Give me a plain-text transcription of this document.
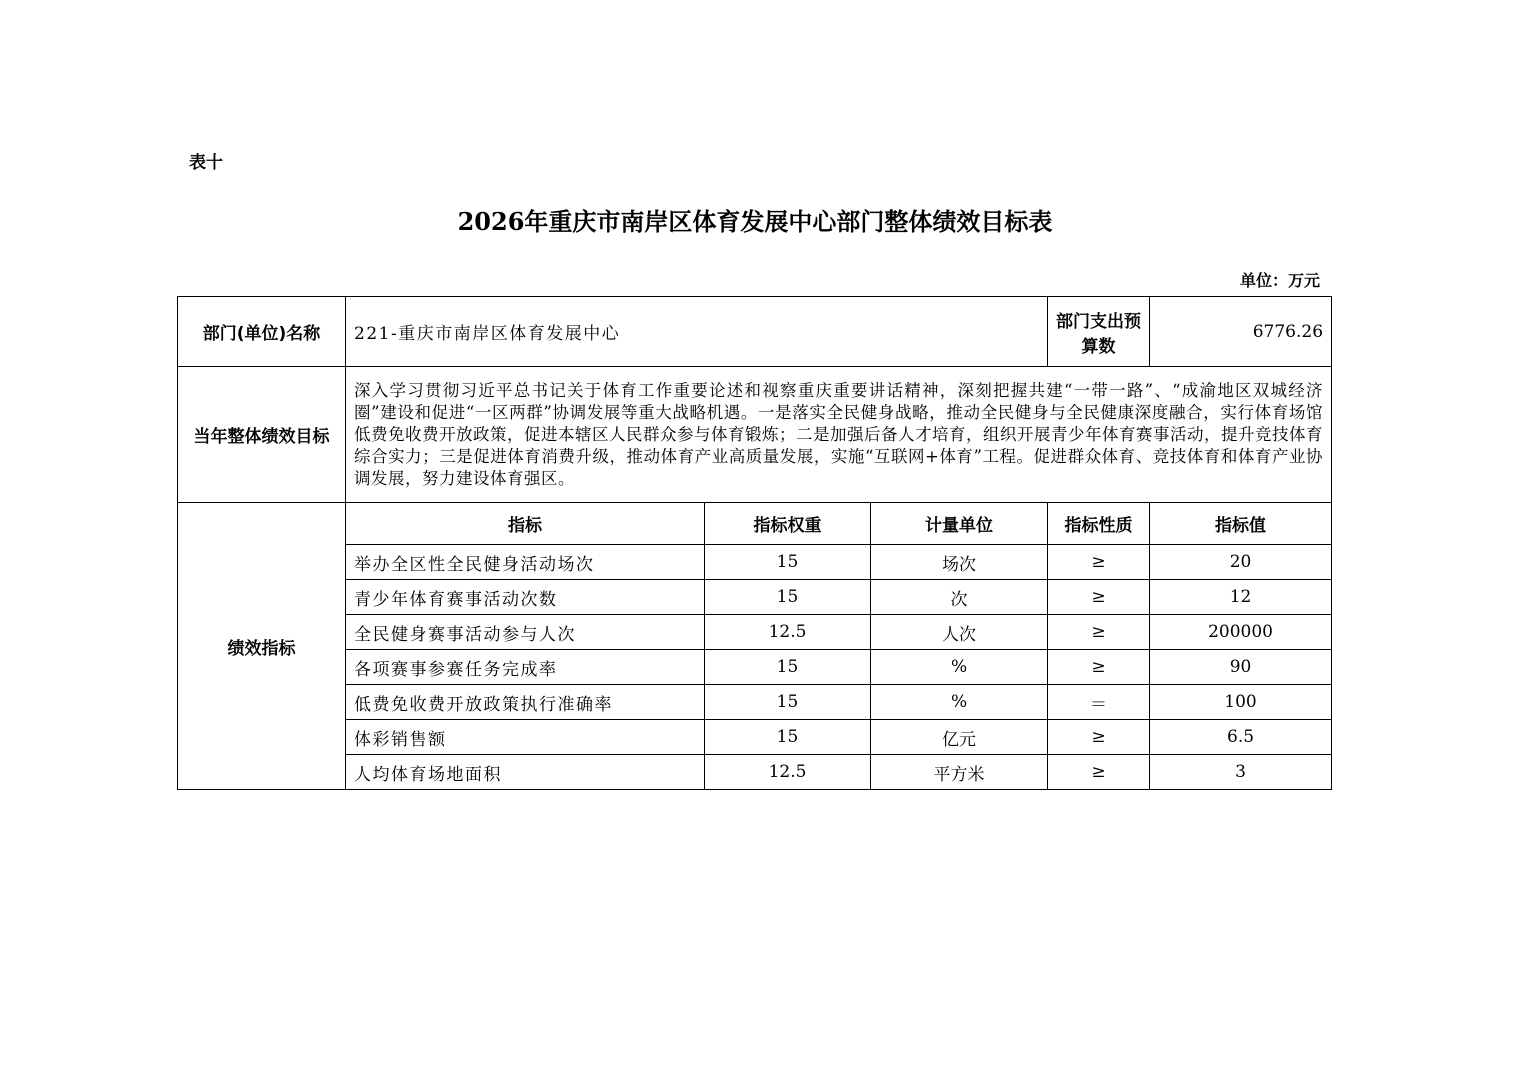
表十
2026年重庆市南岸区体育发展中心部门整体绩效目标表
单位：万元
部门(单位)名称	221-重庆市南岸区体育发展中心			部门支出预算数	6776.26
当年整体绩效目标	深入学习贯彻习近平总书记关于体育工作重要论述和视察重庆重要讲话精神，深刻把握共建“一带一路”、“成渝地区双城经济圈”建设和促进“一区两群”协调发展等重大战略机遇。一是落实全民健身战略，推动全民健身与全民健康深度融合，实行体育场馆低费免收费开放政策，促进本辖区人民群众参与体育锻炼；二是加强后备人才培育，组织开展青少年体育赛事活动，提升竞技体育综合实力；三是促进体育消费升级，推动体育产业高质量发展，实施“互联网+体育”工程。促进群众体育、竞技体育和体育产业协调发展，努力建设体育强区。				
绩效指标	指标	指标权重	计量单位	指标性质	指标值
	举办全区性全民健身活动场次	15	场次	≥	20
	青少年体育赛事活动次数	15	次	≥	12
	全民健身赛事活动参与人次	12.5	人次	≥	200000
	各项赛事参赛任务完成率	15	%	≥	90
	低费免收费开放政策执行准确率	15	%	＝	100
	体彩销售额	15	亿元	≥	6.5
	人均体育场地面积	12.5	平方米	≥	3
